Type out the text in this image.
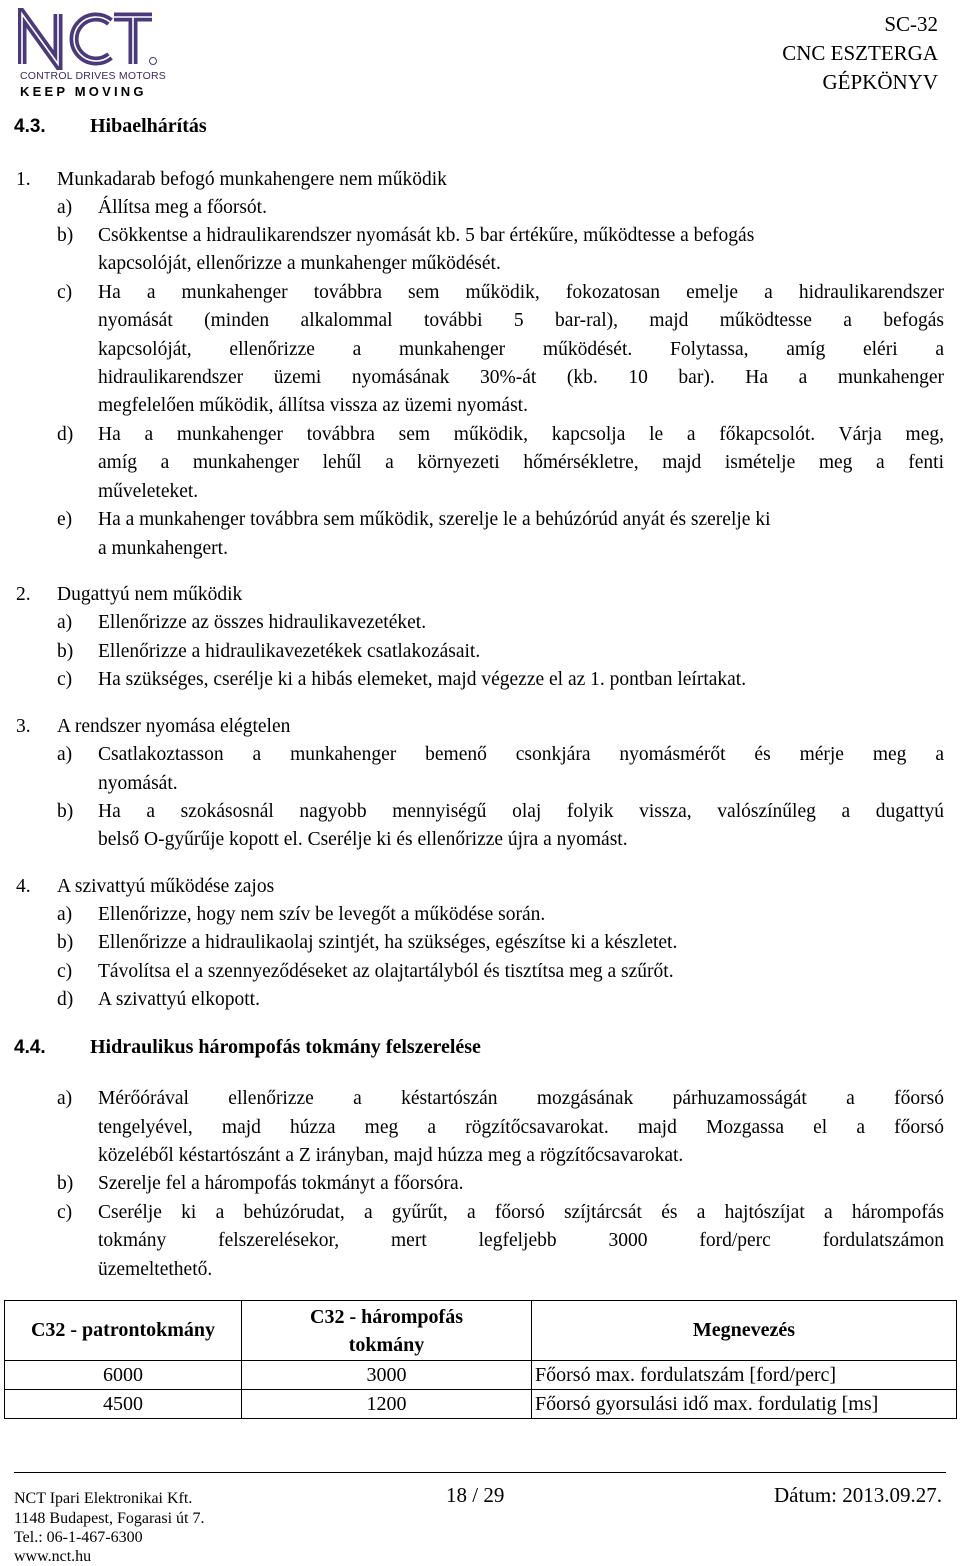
CONTROL DRIVES MOTORS
KEEP MOVING
SC-32
CNC ESZTERGA
GÉPKÖNYV
4.3. Hibaelhárítás
1. Munkadarab befogó munkahengere nem működik
a) Állítsa meg a főorsót.
b) Csökkentse a hidraulikarendszer nyomását kb. 5 bar értékűre, működtesse a befogás
kapcsolóját, ellenőrizze a munkahenger működését.
c) Ha a munkahenger továbbra sem működik, fokozatosan emelje a hidraulikarendszer
nyomását (minden alkalommal további 5 bar-ral), majd működtesse a befogás
kapcsolóját, ellenőrizze a munkahenger működését. Folytassa, amíg eléri a
hidraulikarendszer üzemi nyomásának 30%-át (kb. 10 bar). Ha a munkahenger
megfelelően működik, állítsa vissza az üzemi nyomást.
d) Ha a munkahenger továbbra sem működik, kapcsolja le a főkapcsolót. Várja meg,
amíg a munkahenger lehűl a környezeti hőmérsékletre, majd ismételje meg a fenti
műveleteket.
e) Ha a munkahenger továbbra sem működik, szerelje le a behúzórúd anyát és szerelje ki
a munkahengert.
2. Dugattyú nem működik
a) Ellenőrizze az összes hidraulikavezetéket.
b) Ellenőrizze a hidraulikavezetékek csatlakozásait.
c) Ha szükséges, cserélje ki a hibás elemeket, majd végezze el az 1. pontban leírtakat.
3. A rendszer nyomása elégtelen
a) Csatlakoztasson a munkahenger bemenő csonkjára nyomásmérőt és mérje meg a
nyomását.
b) Ha a szokásosnál nagyobb mennyiségű olaj folyik vissza, valószínűleg a dugattyú
belső O-gyűrűje kopott el. Cserélje ki és ellenőrizze újra a nyomást.
4. A szivattyú működése zajos
a) Ellenőrizze, hogy nem szív be levegőt a működése során.
b) Ellenőrizze a hidraulikaolaj szintjét, ha szükséges, egészítse ki a készletet.
c) Távolítsa el a szennyeződéseket az olajtartályból és tisztítsa meg a szűrőt.
d) A szivattyú elkopott.
4.4. Hidraulikus hárompofás tokmány felszerelése
a) Mérőórával ellenőrizze a késtartószán mozgásának párhuzamosságát a főorsó
tengelyével, majd húzza meg a rögzítőcsavarokat. majd Mozgassa el a főorsó
közeléből késtartószánt a Z irányban, majd húzza meg a rögzítőcsavarokat.
b) Szerelje fel a hárompofás tokmányt a főorsóra.
c) Cserélje ki a behúzórudat, a gyűrűt, a főorsó szíjtárcsát és a hajtószíjat a hárompofás
tokmány felszerelésekor, mert legfeljebb 3000 ford/perc fordulatszámon
üzemeltethető.
C32 - patrontokmány	C32 - hárompofás
tokmány	Megnevezés
6000	3000	Főorsó max. fordulatszám [ford/perc]
4500	1200	Főorsó gyorsulási idő max. fordulatig [ms]
NCT Ipari Elektronikai Kft.
1148 Budapest, Fogarasi út 7.
Tel.: 06-1-467-6300
www.nct.hu
18 / 29	Dátum: 2013.09.27.
